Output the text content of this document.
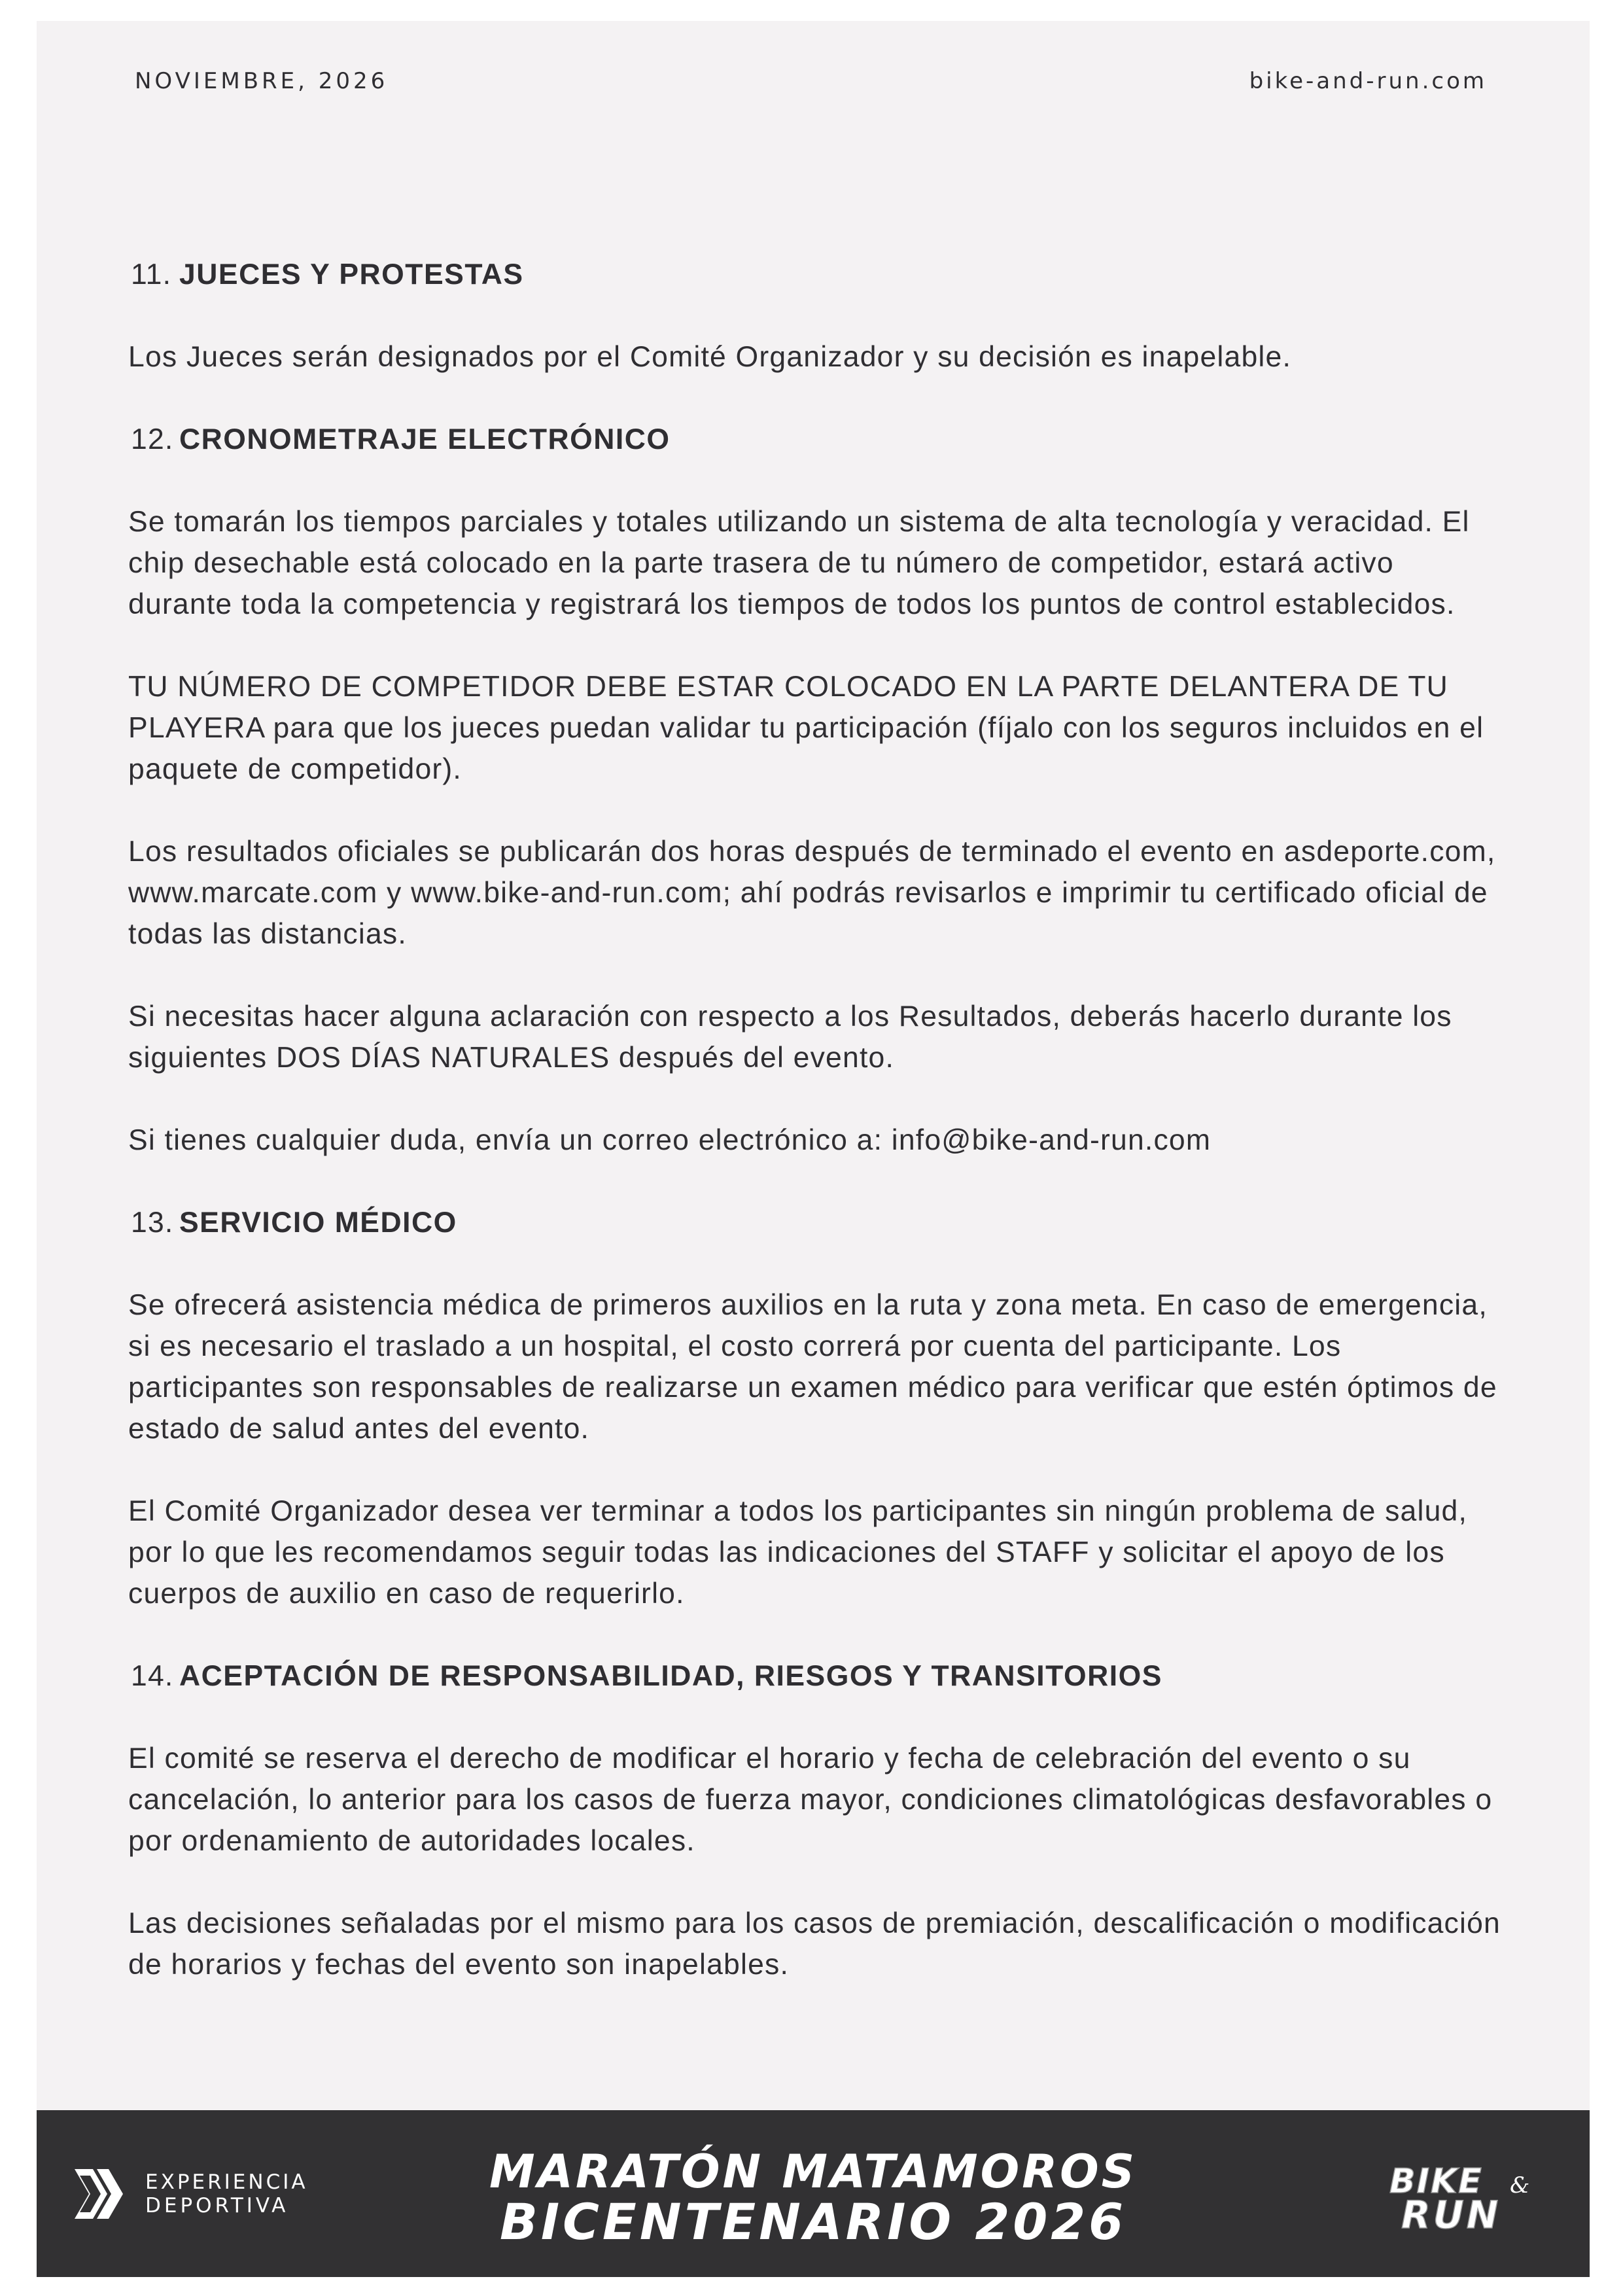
NOVIEMBRE, 2026	bike-and-run.com
11. JUECES Y PROTESTAS
Los Jueces serán designados por el Comité Organizador y su decisión es inapelable.
12. CRONOMETRAJE ELECTRÓNICO
Se tomarán los tiempos parciales y totales utilizando un sistema de alta tecnología y veracidad. El chip desechable está colocado en la parte trasera de tu número de competidor, estará activo durante toda la competencia y registrará los tiempos de todos los puntos de control establecidos.
TU NÚMERO DE COMPETIDOR DEBE ESTAR COLOCADO EN LA PARTE DELANTERA DE TU PLAYERA para que los jueces puedan validar tu participación (fíjalo con los seguros incluidos en el paquete de competidor).
Los resultados oficiales se publicarán dos horas después de terminado el evento en asdeporte.com, www.marcate.com y www.bike-and-run.com; ahí podrás revisarlos e imprimir tu certificado oficial de todas las distancias.
Si necesitas hacer alguna aclaración con respecto a los Resultados, deberás hacerlo durante los siguientes DOS DÍAS NATURALES después del evento.
Si tienes cualquier duda, envía un correo electrónico a: info@bike-and-run.com
13. SERVICIO MÉDICO
Se ofrecerá asistencia médica de primeros auxilios en la ruta y zona meta. En caso de emergencia, si es necesario el traslado a un hospital, el costo correrá por cuenta del participante. Los participantes son responsables de realizarse un examen médico para verificar que estén óptimos de estado de salud antes del evento.
El Comité Organizador desea ver terminar a todos los participantes sin ningún problema de salud, por lo que les recomendamos seguir todas las indicaciones del STAFF y solicitar el apoyo de los cuerpos de auxilio en caso de requerirlo.
14. ACEPTACIÓN DE RESPONSABILIDAD, RIESGOS Y TRANSITORIOS
El comité se reserva el derecho de modificar el horario y fecha de celebración del evento o su cancelación, lo anterior para los casos de fuerza mayor, condiciones climatológicas desfavorables o por ordenamiento de autoridades locales.
Las decisiones señaladas por el mismo para los casos de premiación, descalificación o modificación de horarios y fechas del evento son inapelables.
EXPERIENCIA
DEPORTIVA
MARATÓN MATAMOROS
BICENTENARIO 2026
BIKE &
RUN
